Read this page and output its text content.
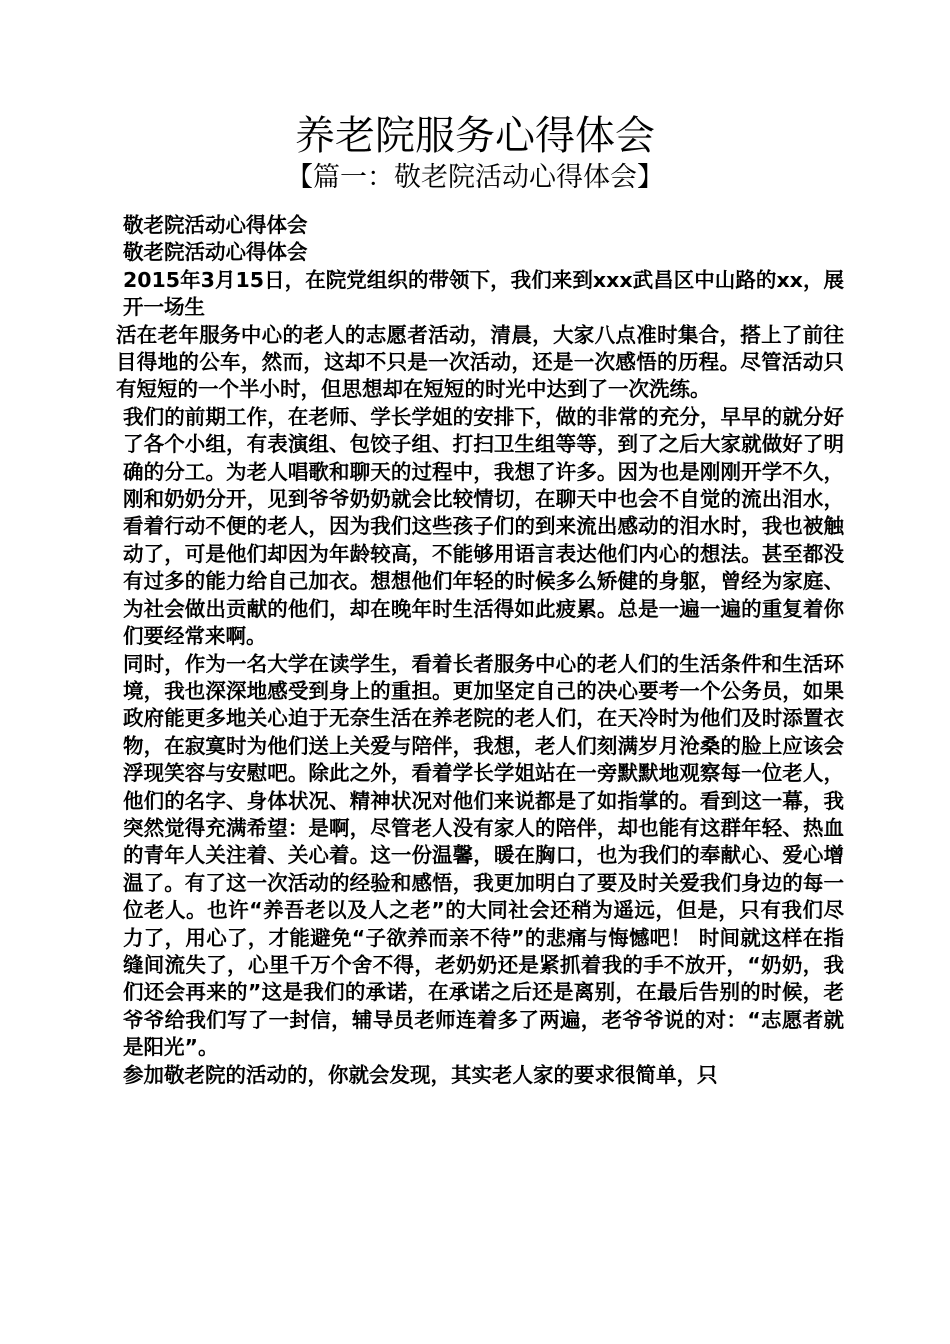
养老院服务心得体会
【篇一：敬老院活动心得体会】

敬老院活动心得体会

敬老院活动心得体会

2015年3月15日，在院党组织的带领下，我们来到xxx武昌区中山路的xx，展开一场生

活在老年服务中心的老人的志愿者活动，清晨，大家八点准时集合，搭上了前往目得地的公车，然而，这却不只是一次活动，还是一次感悟的历程。尽管活动只有短短的一个半小时，但思想却在短短的时光中达到了一次洗练。

我们的前期工作，在老师、学长学姐的安排下，做的非常的充分，早早的就分好了各个小组，有表演组、包饺子组、打扫卫生组等等，到了之后大家就做好了明确的分工。为老人唱歌和聊天的过程中，我想了许多。因为也是刚刚开学不久，刚和奶奶分开，见到爷爷奶奶就会比较情切，在聊天中也会不自觉的流出泪水，看着行动不便的老人，因为我们这些孩子们的到来流出感动的泪水时，我也被触动了，可是他们却因为年龄较高，不能够用语言表达他们内心的想法。甚至都没有过多的能力给自己加衣。想想他们年轻的时候多么矫健的身躯，曾经为家庭、为社会做出贡献的他们，却在晚年时生活得如此疲累。总是一遍一遍的重复着你们要经常来啊。

同时，作为一名大学在读学生，看着长者服务中心的老人们的生活条件和生活环境，我也深深地感受到身上的重担。更加坚定自己的决心要考一个公务员，如果政府能更多地关心迫于无奈生活在养老院的老人们，在天冷时为他们及时添置衣物，在寂寞时为他们送上关爱与陪伴，我想，老人们刻满岁月沧桑的脸上应该会浮现笑容与安慰吧。除此之外，看着学长学姐站在一旁默默地观察每一位老人，他们的名字、身体状况、精神状况对他们来说都是了如指掌的。看到这一幕，我突然觉得充满希望：是啊，尽管老人没有家人的陪伴，却也能有这群年轻、热血的青年人关注着、关心着。这一份温馨，暖在胸口，也为我们的奉献心、爱心增温了。有了这一次活动的经验和感悟，我更加明白了要及时关爱我们身边的每一位老人。也许“养吾老以及人之老”的大同社会还稍为遥远，但是，只有我们尽力了，用心了，才能避免“子欲养而亲不待”的悲痛与悔憾吧！ 时间就这样在指缝间流失了，心里千万个舍不得，老奶奶还是紧抓着我的手不放开，“奶奶，我们还会再来的”这是我们的承诺，在承诺之后还是离别，在最后告别的时候，老爷爷给我们写了一封信，辅导员老师连着多了两遍，老爷爷说的对：“志愿者就是阳光”。

参加敬老院的活动的，你就会发现，其实老人家的要求很简单，只
